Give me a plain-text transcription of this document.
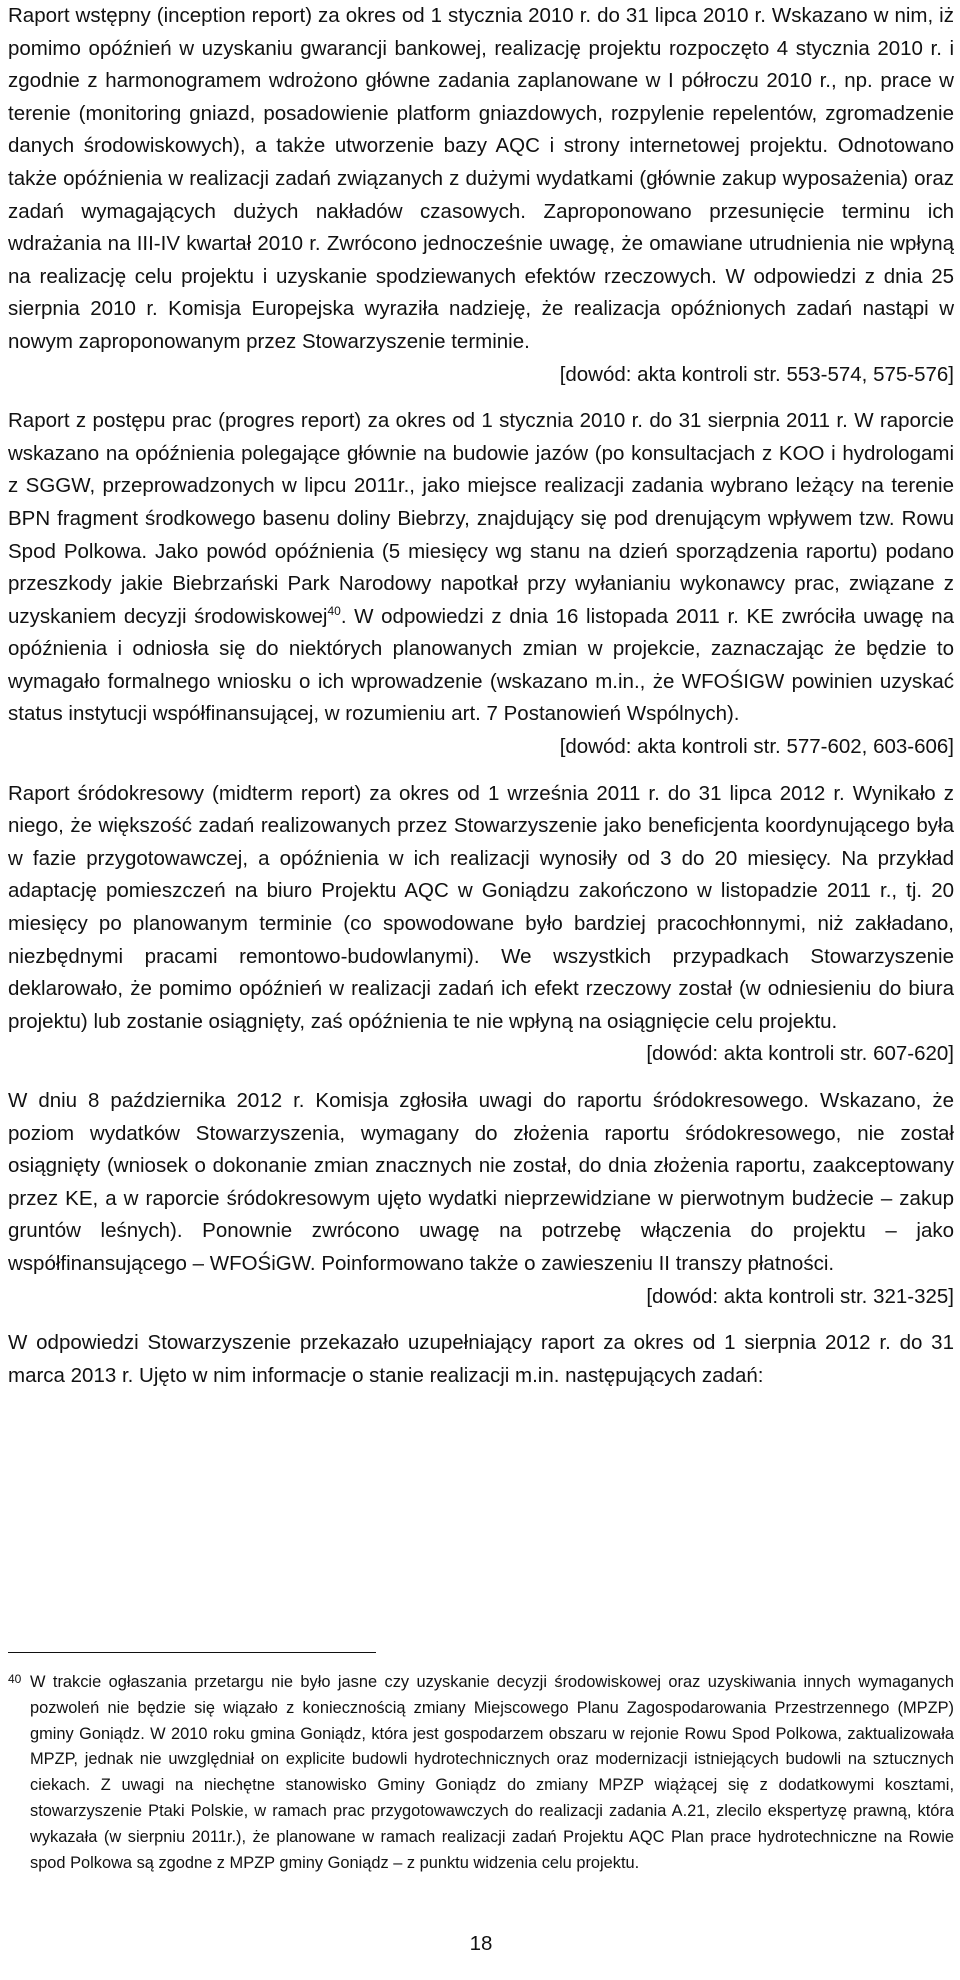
Raport wstępny (inception report) za okres od 1 stycznia 2010 r. do 31 lipca 2010 r. Wskazano w nim, iż pomimo opóźnień w uzyskaniu gwarancji bankowej, realizację projektu rozpoczęto 4 stycznia 2010 r. i zgodnie z harmonogramem wdrożono główne zadania zaplanowane w I półroczu 2010 r., np. prace w terenie (monitoring gniazd, posadowienie platform gniazdowych, rozpylenie repelentów, zgromadzenie danych środowiskowych), a także utworzenie bazy AQC i strony internetowej projektu. Odnotowano także opóźnienia w realizacji zadań związanych z dużymi wydatkami (głównie zakup wyposażenia) oraz zadań wymagających dużych nakładów czasowych. Zaproponowano przesunięcie terminu ich wdrażania na III-IV kwartał 2010 r. Zwrócono jednocześnie uwagę, że omawiane utrudnienia nie wpłyną na realizację celu projektu i uzyskanie spodziewanych efektów rzeczowych. W odpowiedzi z dnia 25 sierpnia 2010 r. Komisja Europejska wyraziła nadzieję, że realizacja opóźnionych zadań nastąpi w nowym zaproponowanym przez Stowarzyszenie terminie.

[dowód: akta kontroli str. 553-574, 575-576]

Raport z postępu prac (progres report) za okres od 1 stycznia 2010 r. do 31 sierpnia 2011 r. W raporcie wskazano na opóźnienia polegające głównie na budowie jazów (po konsultacjach z KOO i hydrologami z SGGW, przeprowadzonych w lipcu 2011r., jako miejsce realizacji zadania wybrano leżący na terenie BPN fragment środkowego basenu doliny Biebrzy, znajdujący się pod drenującym wpływem tzw. Rowu Spod Polkowa. Jako powód opóźnienia (5 miesięcy wg stanu na dzień sporządzenia raportu) podano przeszkody jakie Biebrzański Park Narodowy napotkał przy wyłanianiu wykonawcy prac, związane z uzyskaniem decyzji środowiskowej$^{40}$. W odpowiedzi z dnia 16 listopada 2011 r. KE zwróciła uwagę na opóźnienia i odniosła się do niektórych planowanych zmian w projekcie, zaznaczając że będzie to wymagało formalnego wniosku o ich wprowadzenie (wskazano m.in., że WFOŚIGW powinien uzyskać status instytucji współfinansującej, w rozumieniu art. 7 Postanowień Wspólnych).

[dowód: akta kontroli str. 577-602, 603-606]

Raport śródokresowy (midterm report) za okres od 1 września 2011 r. do 31 lipca 2012 r. Wynikało z niego, że większość zadań realizowanych przez Stowarzyszenie jako beneficjenta koordynującego była w fazie przygotowawczej, a opóźnienia w ich realizacji wynosiły od 3 do 20 miesięcy. Na przykład adaptację pomieszczeń na biuro Projektu AQC w Goniądzu zakończono w listopadzie 2011 r., tj. 20 miesięcy po planowanym terminie (co spowodowane było bardziej pracochłonnymi, niż zakładano, niezbędnymi pracami remontowo-budowlanymi). We wszystkich przypadkach Stowarzyszenie deklarowało, że pomimo opóźnień w realizacji zadań ich efekt rzeczowy został (w odniesieniu do biura projektu) lub zostanie osiągnięty, zaś opóźnienia te nie wpłyną na osiągnięcie celu projektu.

[dowód: akta kontroli str. 607-620]

W dniu 8 października 2012 r. Komisja zgłosiła uwagi do raportu śródokresowego. Wskazano, że poziom wydatków Stowarzyszenia, wymagany do złożenia raportu śródokresowego, nie został osiągnięty (wniosek o dokonanie zmian znacznych nie został, do dnia złożenia raportu, zaakceptowany przez KE, a w raporcie śródokresowym ujęto wydatki nieprzewidziane w pierwotnym budżecie – zakup gruntów leśnych). Ponownie zwrócono uwagę na potrzebę włączenia do projektu – jako współfinansującego – WFOŚiGW. Poinformowano także o zawieszeniu II transzy płatności.

[dowód: akta kontroli str. 321-325]

W odpowiedzi Stowarzyszenie przekazało uzupełniający raport za okres od 1 sierpnia 2012 r. do 31 marca 2013 r. Ujęto w nim informacje o stanie realizacji m.in. następujących zadań:

40 W trakcie ogłaszania przetargu nie było jasne czy uzyskanie decyzji środowiskowej oraz uzyskiwania innych wymaganych pozwoleń nie będzie się wiązało z koniecznością zmiany Miejscowego Planu Zagospodarowania Przestrzennego (MPZP) gminy Goniądz. W 2010 roku gmina Goniądz, która jest gospodarzem obszaru w rejonie Rowu Spod Polkowa, zaktualizowała MPZP, jednak nie uwzględniał on explicite budowli hydrotechnicznych oraz modernizacji istniejących budowli na sztucznych ciekach. Z uwagi na niechętne stanowisko Gminy Goniądz do zmiany MPZP wiążącej się z dodatkowymi kosztami, stowarzyszenie Ptaki Polskie, w ramach prac przygotowawczych do realizacji zadania A.21, zlecilo ekspertyzę prawną, która wykazała (w sierpniu 2011r.), że planowane w ramach realizacji zadań Projektu AQC Plan prace hydrotechniczne na Rowie spod Polkowa są zgodne z MPZP gminy Goniądz – z punktu widzenia celu projektu.
18
